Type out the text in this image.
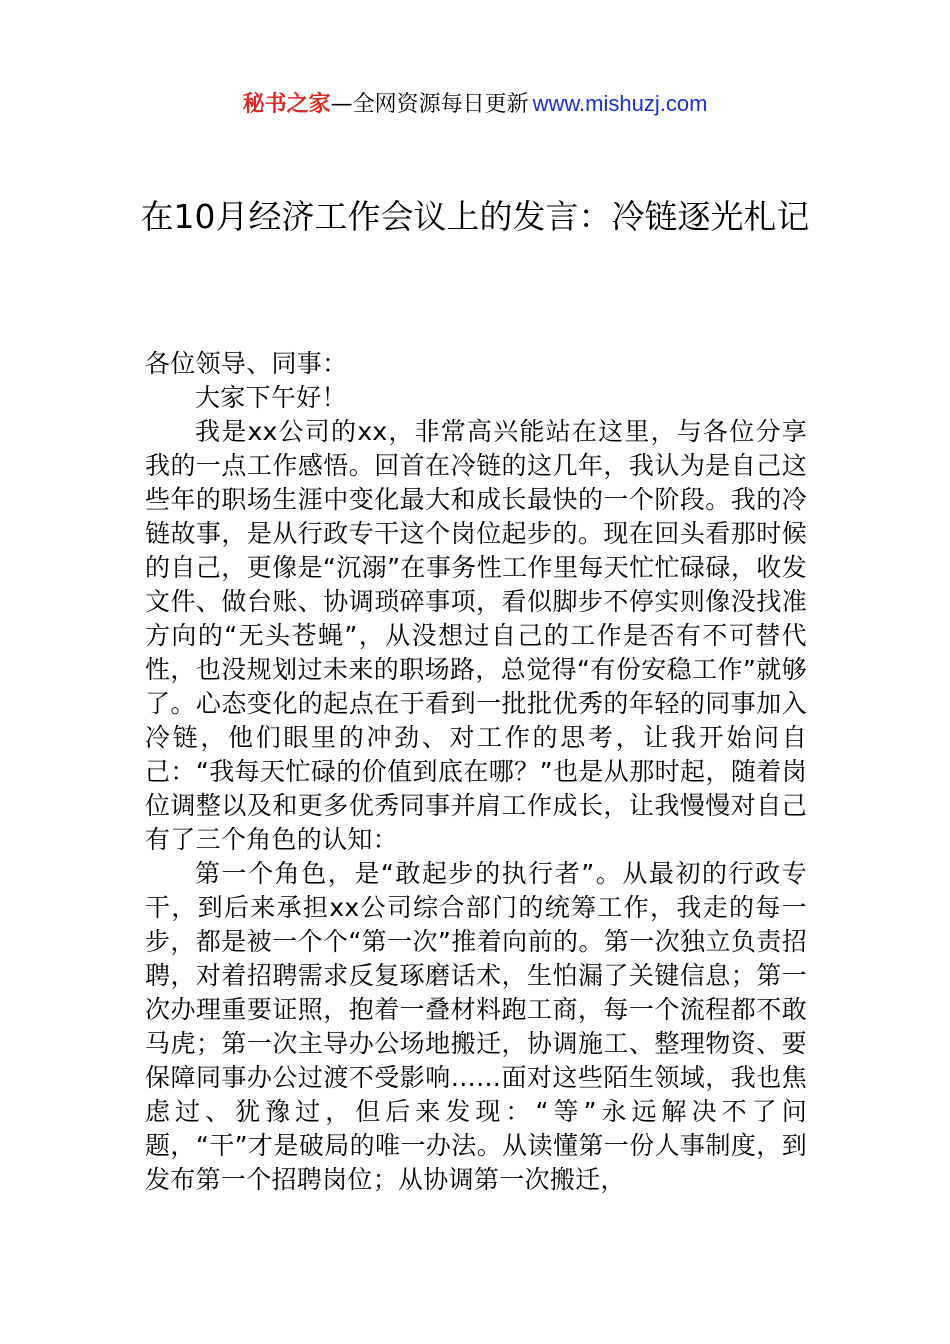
秘书之家—全网资源每日更新 www.mishuzj.com
在10月经济工作会议上的发言：冷链逐光札记

各位领导、同事：

大家下午好！

我是xx公司的xx，非常高兴能站在这里，与各位分享我的一点工作感悟。回首在冷链的这几年，我认为是自己这些年的职场生涯中变化最大和成长最快的一个阶段。我的冷链故事，是从行政专干这个岗位起步的。现在回头看那时候的自己，更像是“沉溺”在事务性工作里每天忙忙碌碌，收发文件、做台账、协调琐碎事项，看似脚步不停实则像没找准方向的“无头苍蝇”，从没想过自己的工作是否有不可替代性，也没规划过未来的职场路，总觉得“有份安稳工作”就够了。心态变化的起点在于看到一批批优秀的年轻的同事加入冷链，他们眼里的冲劲、对工作的思考，让我开始问自己：“我每天忙碌的价值到底在哪？”也是从那时起，随着岗位调整以及和更多优秀同事并肩工作成长，让我慢慢对自己有了三个角色的认知：

第一个角色，是“敢起步的执行者”。从最初的行政专干，到后来承担xx公司综合部门的统筹工作，我走的每一步，都是被一个个“第一次”推着向前的。第一次独立负责招聘，对着招聘需求反复琢磨话术，生怕漏了关键信息；第一次办理重要证照，抱着一叠材料跑工商，每一个流程都不敢马虎；第一次主导办公场地搬迁，协调施工、整理物资、要保障同事办公过渡不受影响……面对这些陌生领域，我也焦虑过、犹豫过，但后来发现：“等”永远解决不了问题，“干”才是破局的唯一办法。从读懂第一份人事制度，到发布第一个招聘岗位；从协调第一次搬迁，
